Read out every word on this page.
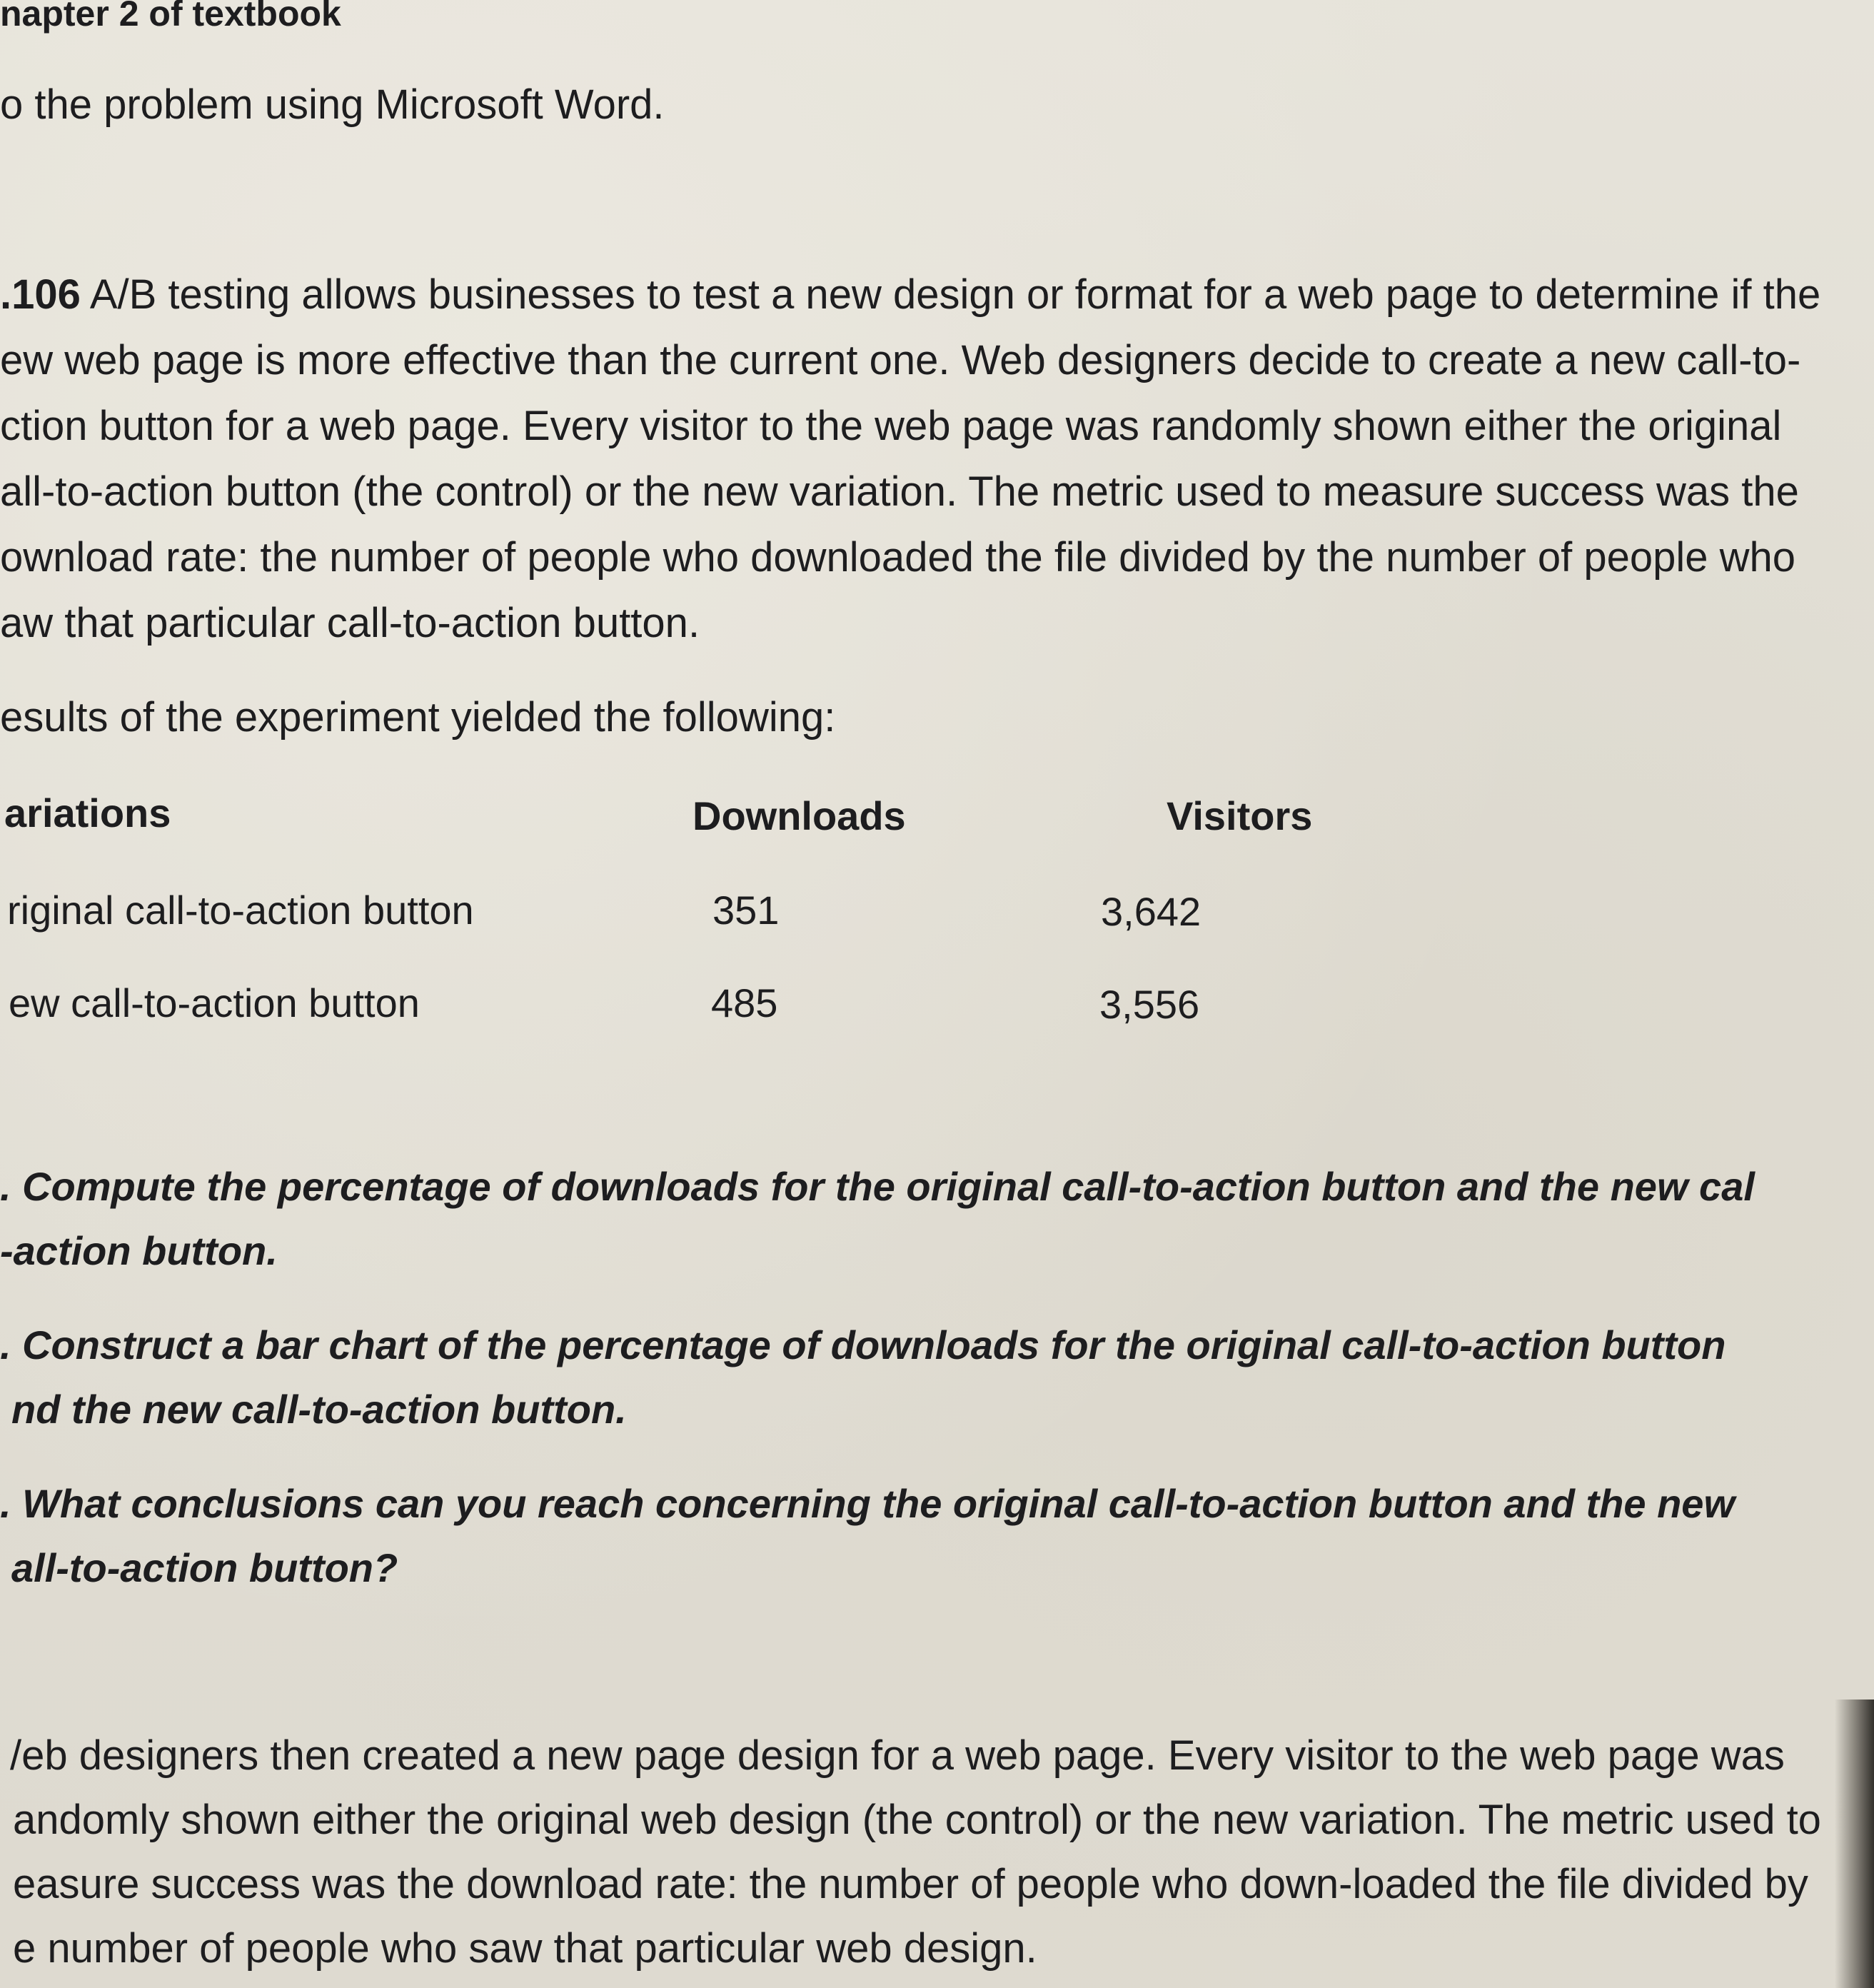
napter 2 of textbook
o the problem using Microsoft Word.
.106 A/B testing allows businesses to test a new design or format for a web page to determine if the
ew web page is more effective than the current one. Web designers decide to create a new call-to-
ction button for a web page. Every visitor to the web page was randomly shown either the original
all-to-action button (the control) or the new variation. The metric used to measure success was the
ownload rate: the number of people who downloaded the file divided by the number of people who
aw that particular call-to-action button.
esults of the experiment yielded the following:
ariations	Downloads	Visitors
riginal call-to-action button	351	3,642
ew call-to-action button	485	3,556
. Compute the percentage of downloads for the original call-to-action button and the new cal
-action button.
. Construct a bar chart of the percentage of downloads for the original call-to-action button
nd the new call-to-action button.
. What conclusions can you reach concerning the original call-to-action button and the new
all-to-action button?
/eb designers then created a new page design for a web page. Every visitor to the web page was
andomly shown either the original web design (the control) or the new variation. The metric used to
easure success was the download rate: the number of people who down-loaded the file divided by
e number of people who saw that particular web design.
